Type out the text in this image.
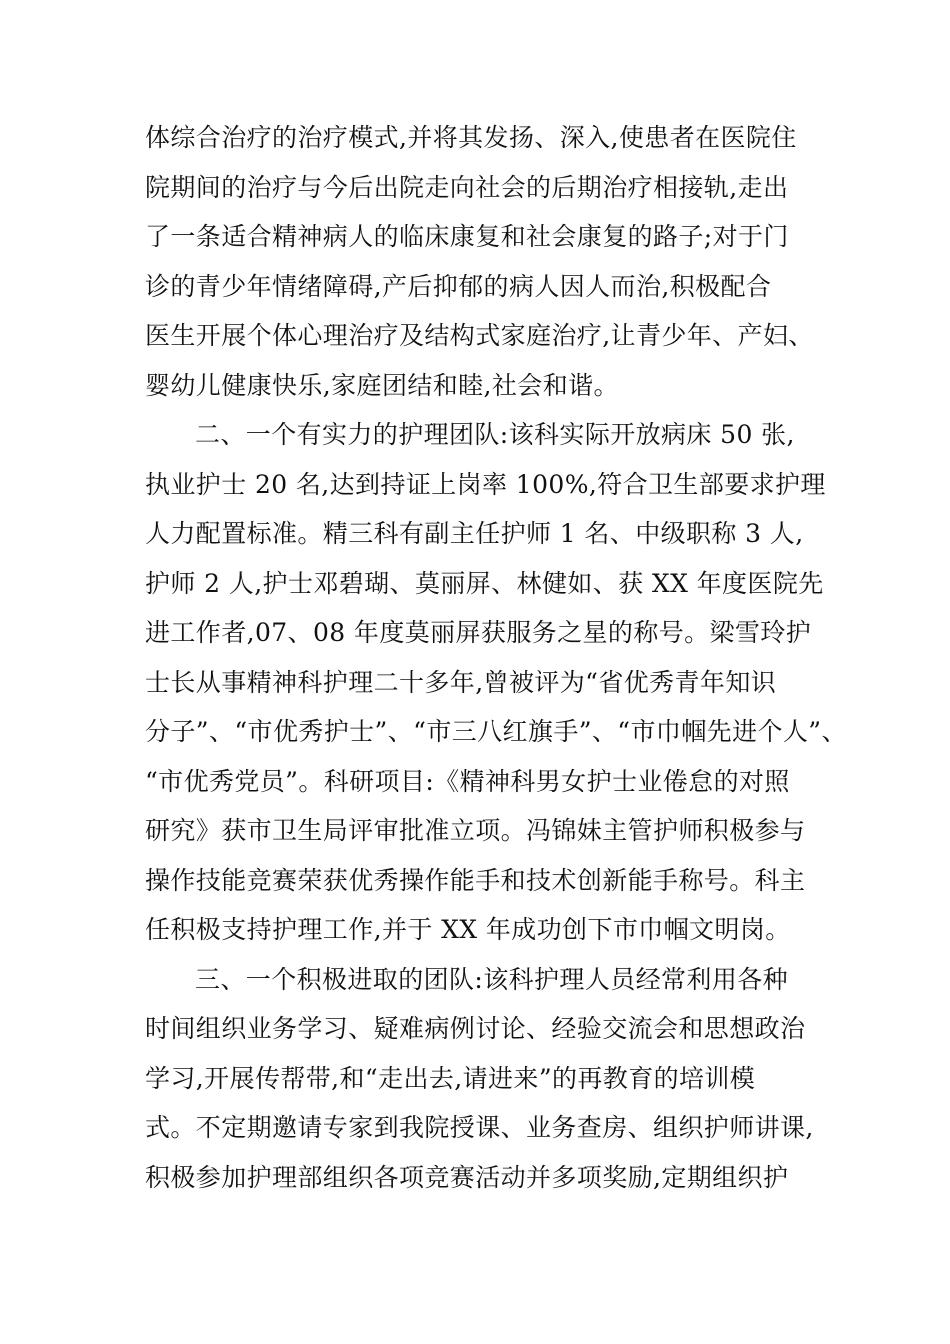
体综合治疗的治疗模式,并将其发扬、深入,使患者在医院住
院期间的治疗与今后出院走向社会的后期治疗相接轨,走出
了一条适合精神病人的临床康复和社会康复的路子;对于门
诊的青少年情绪障碍,产后抑郁的病人因人而治,积极配合
医生开展个体心理治疗及结构式家庭治疗,让青少年、产妇、
婴幼儿健康快乐,家庭团结和睦,社会和谐。
二、一个有实力的护理团队:该科实际开放病床 50 张,
执业护士 20 名,达到持证上岗率 100%,符合卫生部要求护理
人力配置标准。精三科有副主任护师 1 名、中级职称 3 人,
护师 2 人,护士邓碧瑚、莫丽屏、林健如、获 XX 年度医院先
进工作者,07、08 年度莫丽屏获服务之星的称号。梁雪玲护
士长从事精神科护理二十多年,曾被评为“省优秀青年知识
分子”、“市优秀护士”、“市三八红旗手”、“市巾帼先进个人”、
“市优秀党员”。科研项目:《精神科男女护士业倦怠的对照
研究》获市卫生局评审批准立项。冯锦妹主管护师积极参与
操作技能竞赛荣获优秀操作能手和技术创新能手称号。科主
任积极支持护理工作,并于 XX 年成功创下市巾帼文明岗。
三、一个积极进取的团队:该科护理人员经常利用各种
时间组织业务学习、疑难病例讨论、经验交流会和思想政治
学习,开展传帮带,和“走出去,请进来”的再教育的培训模
式。不定期邀请专家到我院授课、业务查房、组织护师讲课,
积极参加护理部组织各项竞赛活动并多项奖励,定期组织护
